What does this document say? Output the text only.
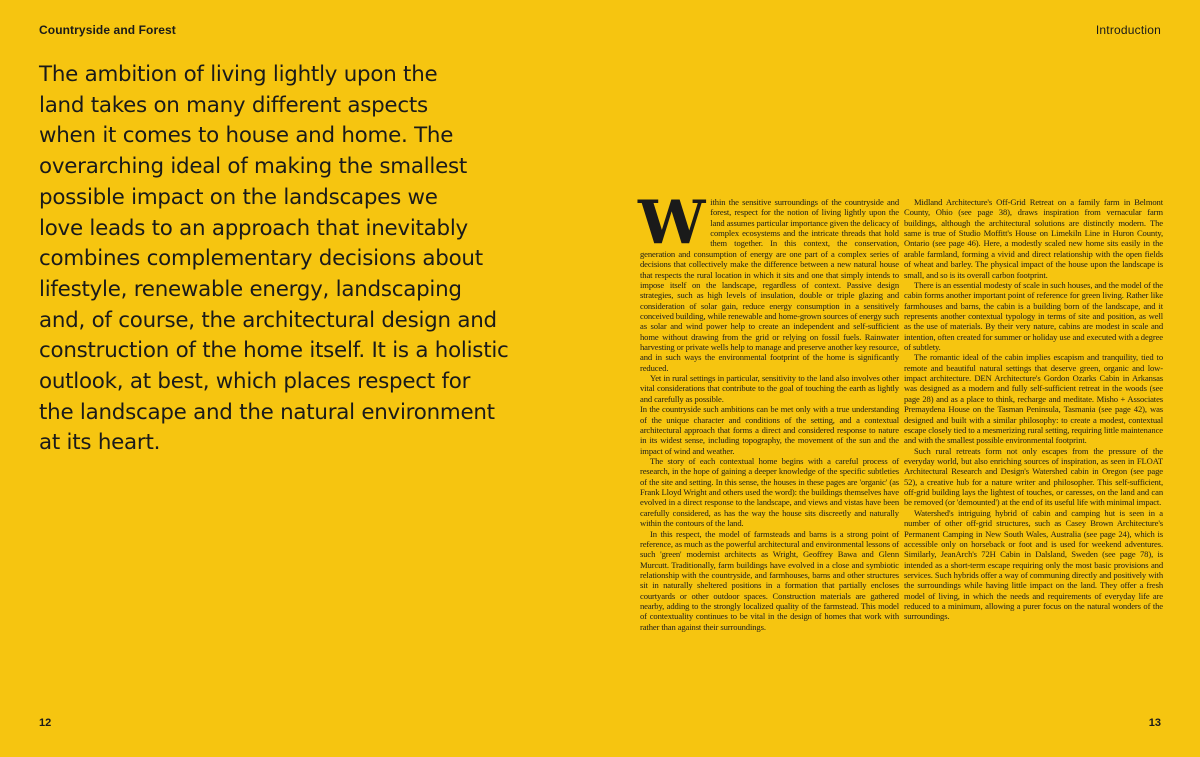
Countryside and Forest
The ambition of living lightly upon the
land takes on many different aspects
when it comes to house and home. The
overarching ideal of making the smallest
possible impact on the landscapes we
love leads to an approach that inevitably
combines complementary decisions about
lifestyle, renewable energy, landscaping
and, of course, the architectural design and
construction of the home itself. It is a holistic
outlook, at best, which places respect for
the landscape and the natural environment
at its heart.
12
Introduction

Within the sensitive surroundings of the countryside and forest, respect for the notion of living lightly upon the land assumes particular importance given the delicacy of complex ecosystems and the intricate threads that hold them together. In this context, the conservation, generation and consumption of energy are one part of a complex series of decisions that collectively make the difference between a new natural house that respects the rural location in which it sits and one that simply intends to impose itself on the landscape, regardless of context. Passive design strategies, such as high levels of insulation, double or triple glazing and consideration of solar gain, reduce energy consumption in a sensitively conceived building, while renewable and home-grown sources of energy such as solar and wind power help to create an independent and self-sufficient home without drawing from the grid or relying on fossil fuels. Rainwater harvesting or private wells help to manage and preserve another key resource, and in such ways the environmental footprint of the home is significantly reduced.

Yet in rural settings in particular, sensitivity to the land also involves other vital considerations that contribute to the goal of touching the earth as lightly and carefully as possible.

In the countryside such ambitions can be met only with a true understanding of the unique character and conditions of the setting, and a contextual architectural approach that forms a direct and considered response to nature in its widest sense, including topography, the movement of the sun and the impact of wind and weather.

The story of each contextual home begins with a careful process of research, in the hope of gaining a deeper knowledge of the specific subtleties of the site and setting. In this sense, the houses in these pages are 'organic' (as Frank Lloyd Wright and others used the word): the buildings themselves have evolved in a direct response to the landscape, and views and vistas have been carefully considered, as has the way the house sits discreetly and naturally within the contours of the land.

In this respect, the model of farmsteads and barns is a strong point of reference, as much as the powerful architectural and environmental lessons of such 'green' modernist architects as Wright, Geoffrey Bawa and Glenn Murcutt. Traditionally, farm buildings have evolved in a close and symbiotic relationship with the countryside, and farmhouses, barns and other structures sit in naturally sheltered positions in a formation that partially encloses courtyards or other outdoor spaces. Construction materials are gathered nearby, adding to the strongly localized quality of the farmstead. This model of contextuality continues to be vital in the design of homes that work with rather than against their surroundings.

Midland Architecture's Off-Grid Retreat on a family farm in Belmont County, Ohio (see page 38), draws inspiration from vernacular farm buildings, although the architectural solutions are distinctly modern. The same is true of Studio Moffitt's House on Limekiln Line in Huron County, Ontario (see page 46). Here, a modestly scaled new home sits easily in the arable farmland, forming a vivid and direct relationship with the open fields of wheat and barley. The physical impact of the house upon the landscape is small, and so is its overall carbon footprint.

There is an essential modesty of scale in such houses, and the model of the cabin forms another important point of reference for green living. Rather like farmhouses and barns, the cabin is a building born of the landscape, and it represents another contextual typology in terms of site and position, as well as the use of materials. By their very nature, cabins are modest in scale and intention, often created for summer or holiday use and executed with a degree of subtlety.

The romantic ideal of the cabin implies escapism and tranquility, tied to remote and beautiful natural settings that deserve green, organic and low-impact architecture. DEN Architecture's Gordon Ozarks Cabin in Arkansas was designed as a modern and fully self-sufficient retreat in the woods (see page 28) and as a place to think, recharge and meditate. Misho + Associates Premaydena House on the Tasman Peninsula, Tasmania (see page 42), was designed and built with a similar philosophy: to create a modest, contextual escape closely tied to a mesmerizing rural setting, requiring little maintenance and with the smallest possible environmental footprint.

Such rural retreats form not only escapes from the pressure of the everyday world, but also enriching sources of inspiration, as seen in FLOAT Architectural Research and Design's Watershed cabin in Oregon (see page 52), a creative hub for a nature writer and philosopher. This self-sufficient, off-grid building lays the lightest of touches, or caresses, on the land and can be removed (or 'demounted') at the end of its useful life with minimal impact.

Watershed's intriguing hybrid of cabin and camping hut is seen in a number of other off-grid structures, such as Casey Brown Architecture's Permanent Camping in New South Wales, Australia (see page 24), which is accessible only on horseback or foot and is used for weekend adventures. Similarly, JeanArch's 72H Cabin in Dalsland, Sweden (see page 78), is intended as a short-term escape requiring only the most basic provisions and services. Such hybrids offer a way of communing directly and positively with the surroundings while having little impact on the land. They offer a fresh model of living, in which the needs and requirements of everyday life are reduced to a minimum, allowing a purer focus on the natural wonders of the surroundings.

13
